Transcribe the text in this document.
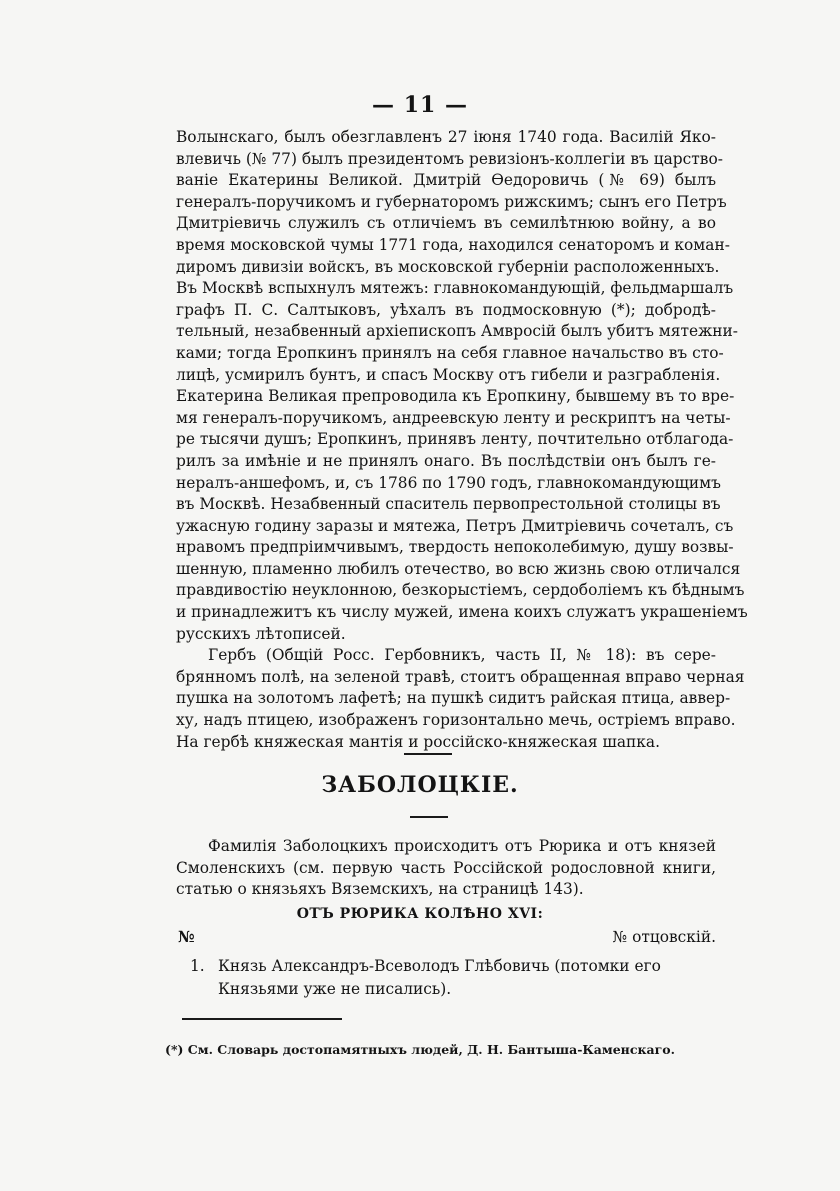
— 11 —
Волынскаго, былъ обезглавленъ 27 іюня 1740 года. Василій Яко-
влевичь (№ 77) былъ президентомъ ревизіонъ-коллегіи въ царство-
ваніе Екатерины Великой. Дмитрій Ѳедоровичь (№ 69) былъ
генералъ-поручикомъ и губернаторомъ рижскимъ; сынъ его Петръ
Дмитріевичь служилъ съ отличіемъ въ семилѣтнюю войну, а во
время московской чумы 1771 года, находился сенаторомъ и коман-
диромъ дивизіи войскъ, въ московской губерніи расположенныхъ.
Въ Москвѣ вспыхнулъ мятежъ: главнокомандующій, фельдмаршалъ
графъ П. С. Салтыковъ, уѣхалъ въ подмосковную (*); добродѣ-
тельный, незабвенный архіепископъ Амвросій былъ убитъ мятежни-
ками; тогда Еропкинъ принялъ на себя главное начальство въ сто-
лицѣ, усмирилъ бунтъ, и спасъ Москву отъ гибели и разграбленія.
Екатерина Великая препроводила къ Еропкину, бывшему въ то вре-
мя генералъ-поручикомъ, андреевскую ленту и рескриптъ на четы-
ре тысячи душъ; Еропкинъ, принявъ ленту, почтительно отблагода-
рилъ за имѣніе и не принялъ онаго. Въ послѣдствіи онъ былъ ге-
нералъ-аншефомъ, и, съ 1786 по 1790 годъ, главнокомандующимъ
въ Москвѣ. Незабвенный спаситель первопрестольной столицы въ
ужасную годину заразы и мятежа, Петръ Дмитріевичь сочеталъ, съ
нравомъ предпріимчивымъ, твердость непоколебимую, душу возвы-
шенную, пламенно любилъ отечество, во всю жизнь свою отличался
правдивостію неуклонною, безкорыстіемъ, сердоболіемъ къ бѣднымъ
и принадлежитъ къ числу мужей, имена коихъ служатъ украшеніемъ
русскихъ лѣтописей.
Гербъ (Общій Росс. Гербовникъ, часть II, № 18): въ сере-
брянномъ полѣ, на зеленой травѣ, стоитъ обращенная вправо черная
пушка на золотомъ лафетѣ; на пушкѣ сидитъ райская птица, аввер-
ху, надъ птицею, изображенъ горизонтально мечь, остріемъ вправо.
На гербѣ княжеская мантія и россійско-княжеская шапка.
ЗАБОЛОЦКІЕ.
Фамилія Заболоцкихъ происходитъ отъ Рюрика и отъ князей
Смоленскихъ (см. первую часть Россійской родословной книги,
статью о князьяхъ Вяземскихъ, на страницѣ 143).
ОТЪ РЮРИКА КОЛѢНО XVI:
№	№ отцовскій.
1. Князь Александръ-Всеволодъ Глѣбовичь (потомки его
Князьями уже не писались).
(*) См. Словарь достопамятныхъ людей, Д. Н. Бантыша-Каменскаго.
